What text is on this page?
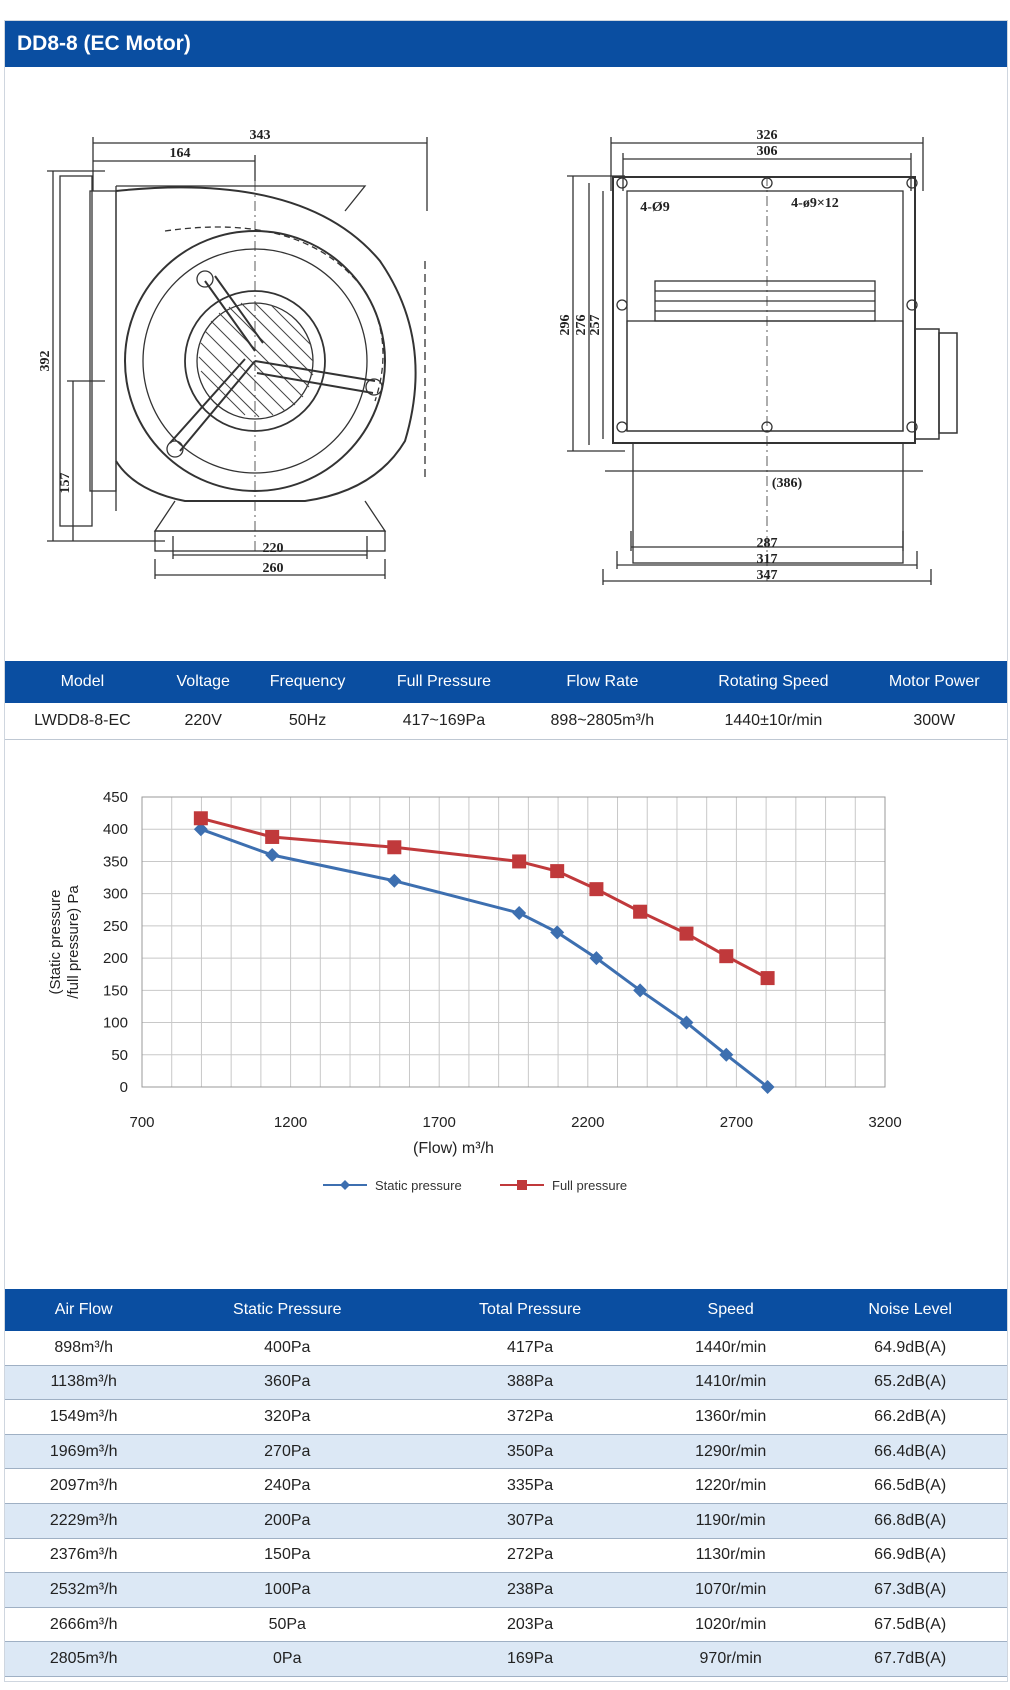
DD8-8 (EC Motor)
343
164
392
157
220
260
326
306
296 276 257
4-Ø9	4-ø9×12
(386)
287
317
347
Model	Voltage	Frequency	Full Pressure	Flow Rate	Rotating Speed	Motor Power
LWDD8-8-EC	220V	50Hz	417~169Pa	898~2805m³/h	1440±10r/min	300W
0
50
100
150
200
250
300
350
400
450
700	1200	1700	2200	2700	3200
(Static pressure /full pressure) Pa
(Flow) m³/h
Static pressure	Full pressure
Air Flow	Static Pressure	Total Pressure	Speed	Noise Level
898m³/h	400Pa	417Pa	1440r/min	64.9dB(A)
1138m³/h	360Pa	388Pa	1410r/min	65.2dB(A)
1549m³/h	320Pa	372Pa	1360r/min	66.2dB(A)
1969m³/h	270Pa	350Pa	1290r/min	66.4dB(A)
2097m³/h	240Pa	335Pa	1220r/min	66.5dB(A)
2229m³/h	200Pa	307Pa	1190r/min	66.8dB(A)
2376m³/h	150Pa	272Pa	1130r/min	66.9dB(A)
2532m³/h	100Pa	238Pa	1070r/min	67.3dB(A)
2666m³/h	50Pa	203Pa	1020r/min	67.5dB(A)
2805m³/h	0Pa	169Pa	970r/min	67.7dB(A)
